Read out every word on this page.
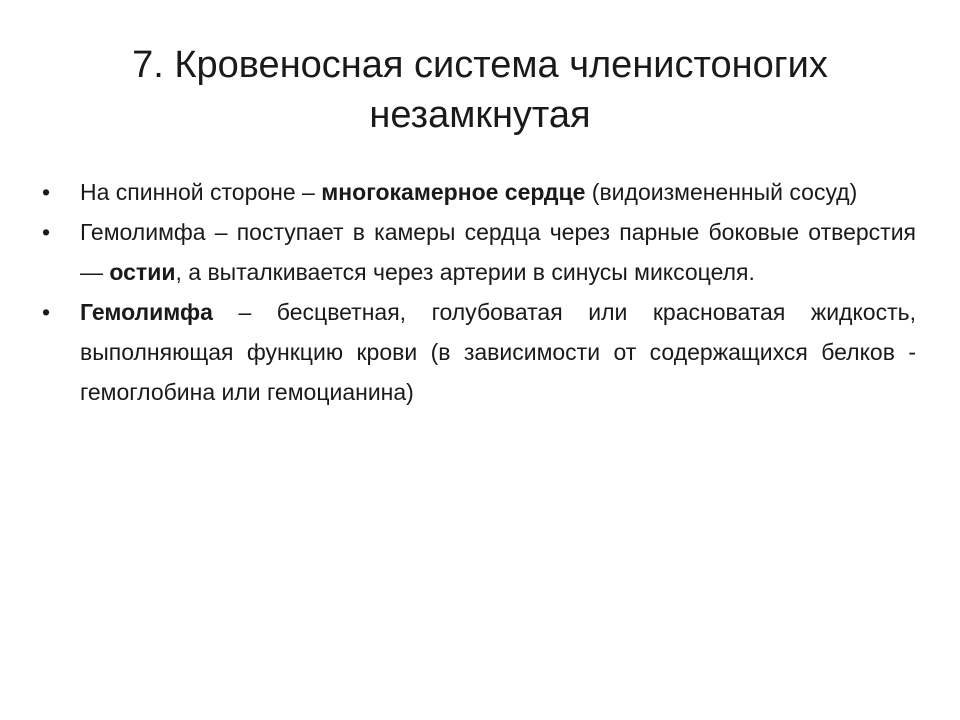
7. Кровеносная система членистоногих
незамкнутая
•	На спинной стороне – многокамерное сердце (видоизмененный сосуд)
•	Гемолимфа – поступает в камеры сердца через парные боковые отверстия — остии, а выталкивается через артерии в синусы миксоцеля.
•	Гемолимфа – бесцветная, голубоватая или красноватая жидкость, выполняющая функцию крови (в зависимости от содержащихся белков - гемоглобина или гемоцианина)
